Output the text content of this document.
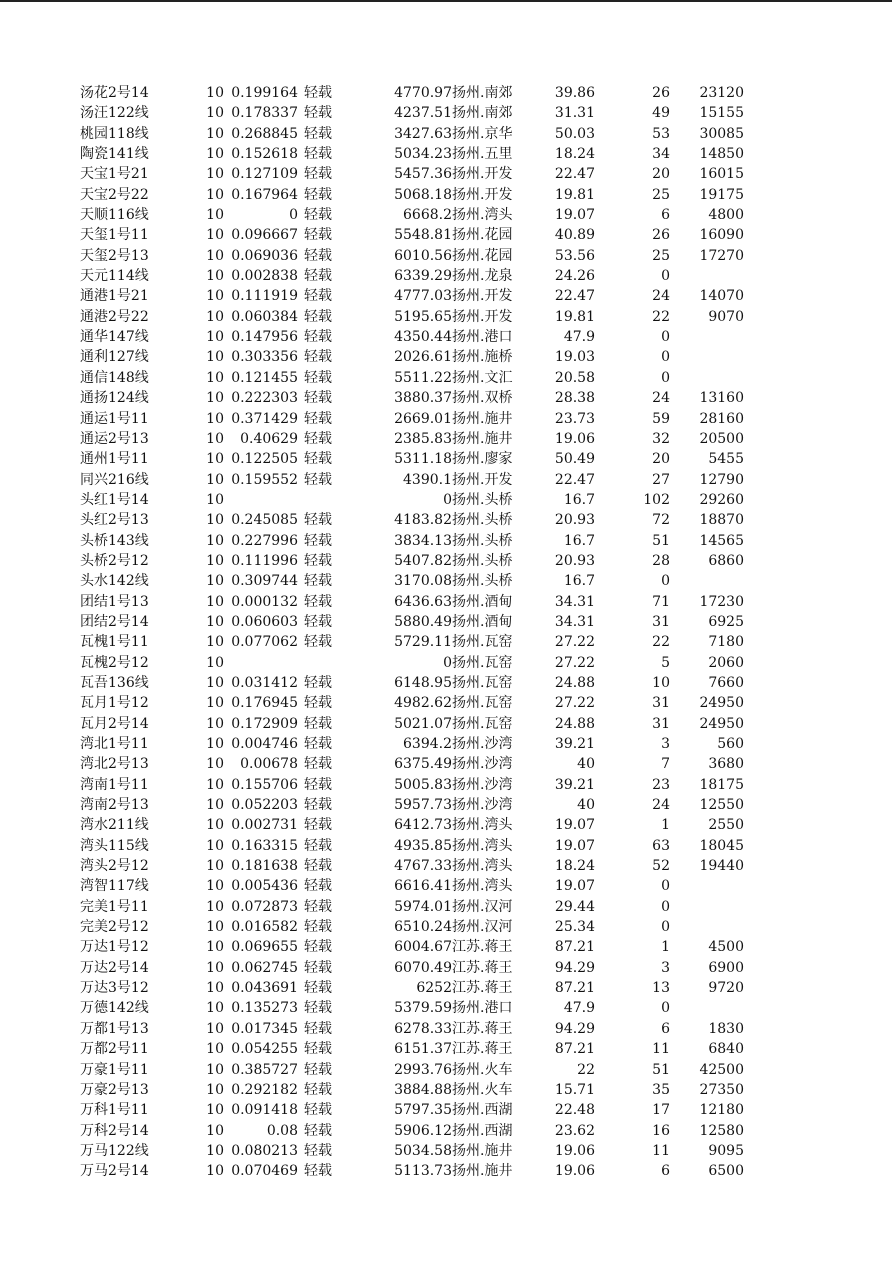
汤花2号14	10 0.199164 轻载	4770.97 扬州.南郊	39.86	26	23120
汤汪122线	10 0.178337 轻载	4237.51 扬州.南郊	31.31	49	15155
桃园118线	10 0.268845 轻载	3427.63 扬州.京华	50.03	53	30085
陶瓷141线	10 0.152618 轻载	5034.23 扬州.五里	18.24	34	14850
天宝1号21	10 0.127109 轻载	5457.36 扬州.开发	22.47	20	16015
天宝2号22	10 0.167964 轻载	5068.18 扬州.开发	19.81	25	19175
天顺116线	10	0 轻载	6668.2 扬州.湾头	19.07	6	4800
天玺1号11	10 0.096667 轻载	5548.81 扬州.花园	40.89	26	16090
天玺2号13	10 0.069036 轻载	6010.56 扬州.花园	53.56	25	17270
天元114线	10 0.002838 轻载	6339.29 扬州.龙泉	24.26	0
通港1号21	10 0.111919 轻载	4777.03 扬州.开发	22.47	24	14070
通港2号22	10 0.060384 轻载	5195.65 扬州.开发	19.81	22	9070
通华147线	10 0.147956 轻载	4350.44 扬州.港口	47.9	0
通利127线	10 0.303356 轻载	2026.61 扬州.施桥	19.03	0
通信148线	10 0.121455 轻载	5511.22 扬州.文汇	20.58	0
通扬124线	10 0.222303 轻载	3880.37 扬州.双桥	28.38	24	13160
通运1号11	10 0.371429 轻载	2669.01 扬州.施井	23.73	59	28160
通运2号13	10	0.40629 轻载	2385.83 扬州.施井	19.06	32	20500
通州1号11	10 0.122505 轻载	5311.18 扬州.廖家	50.49	20	5455
同兴216线	10 0.159552 轻载	4390.1 扬州.开发	22.47	27	12790
头红1号14	10	0 扬州.头桥	16.7	102	29260
头红2号13	10 0.245085 轻载	4183.82 扬州.头桥	20.93	72	18870
头桥143线	10 0.227996 轻载	3834.13 扬州.头桥	16.7	51	14565
头桥2号12	10 0.111996 轻载	5407.82 扬州.头桥	20.93	28	6860
头水142线	10 0.309744 轻载	3170.08 扬州.头桥	16.7	0
团结1号13	10 0.000132 轻载	6436.63 扬州.酒甸	34.31	71	17230
团结2号14	10 0.060603 轻载	5880.49 扬州.酒甸	34.31	31	6925
瓦槐1号11	10 0.077062 轻载	5729.11 扬州.瓦窑	27.22	22	7180
瓦槐2号12	10	0 扬州.瓦窑	27.22	5	2060
瓦吾136线	10 0.031412 轻载	6148.95 扬州.瓦窑	24.88	10	7660
瓦月1号12	10 0.176945 轻载	4982.62 扬州.瓦窑	27.22	31	24950
瓦月2号14	10 0.172909 轻载	5021.07 扬州.瓦窑	24.88	31	24950
湾北1号11	10 0.004746 轻载	6394.2 扬州.沙湾	39.21	3	560
湾北2号13	10	0.00678 轻载	6375.49 扬州.沙湾	40	7	3680
湾南1号11	10 0.155706 轻载	5005.83 扬州.沙湾	39.21	23	18175
湾南2号13	10 0.052203 轻载	5957.73 扬州.沙湾	40	24	12550
湾水211线	10 0.002731 轻载	6412.73 扬州.湾头	19.07	1	2550
湾头115线	10 0.163315 轻载	4935.85 扬州.湾头	19.07	63	18045
湾头2号12	10 0.181638 轻载	4767.33 扬州.湾头	18.24	52	19440
湾智117线	10 0.005436 轻载	6616.41 扬州.湾头	19.07	0
完美1号11	10 0.072873 轻载	5974.01 扬州.汉河	29.44	0
完美2号12	10 0.016582 轻载	6510.24 扬州.汉河	25.34	0
万达1号12	10 0.069655 轻载	6004.67 江苏.蒋王	87.21	1	4500
万达2号14	10 0.062745 轻载	6070.49 江苏.蒋王	94.29	3	6900
万达3号12	10 0.043691 轻载	6252 江苏.蒋王	87.21	13	9720
万德142线	10 0.135273 轻载	5379.59 扬州.港口	47.9	0
万都1号13	10 0.017345 轻载	6278.33 江苏.蒋王	94.29	6	1830
万都2号11	10 0.054255 轻载	6151.37 江苏.蒋王	87.21	11	6840
万豪1号11	10 0.385727 轻载	2993.76 扬州.火车	22	51	42500
万豪2号13	10 0.292182 轻载	3884.88 扬州.火车	15.71	35	27350
万科1号11	10 0.091418 轻载	5797.35 扬州.西湖	22.48	17	12180
万科2号14	10	0.08 轻载	5906.12 扬州.西湖	23.62	16	12580
万马122线	10 0.080213 轻载	5034.58 扬州.施井	19.06	11	9095
万马2号14	10 0.070469 轻载	5113.73 扬州.施井	19.06	6	6500
